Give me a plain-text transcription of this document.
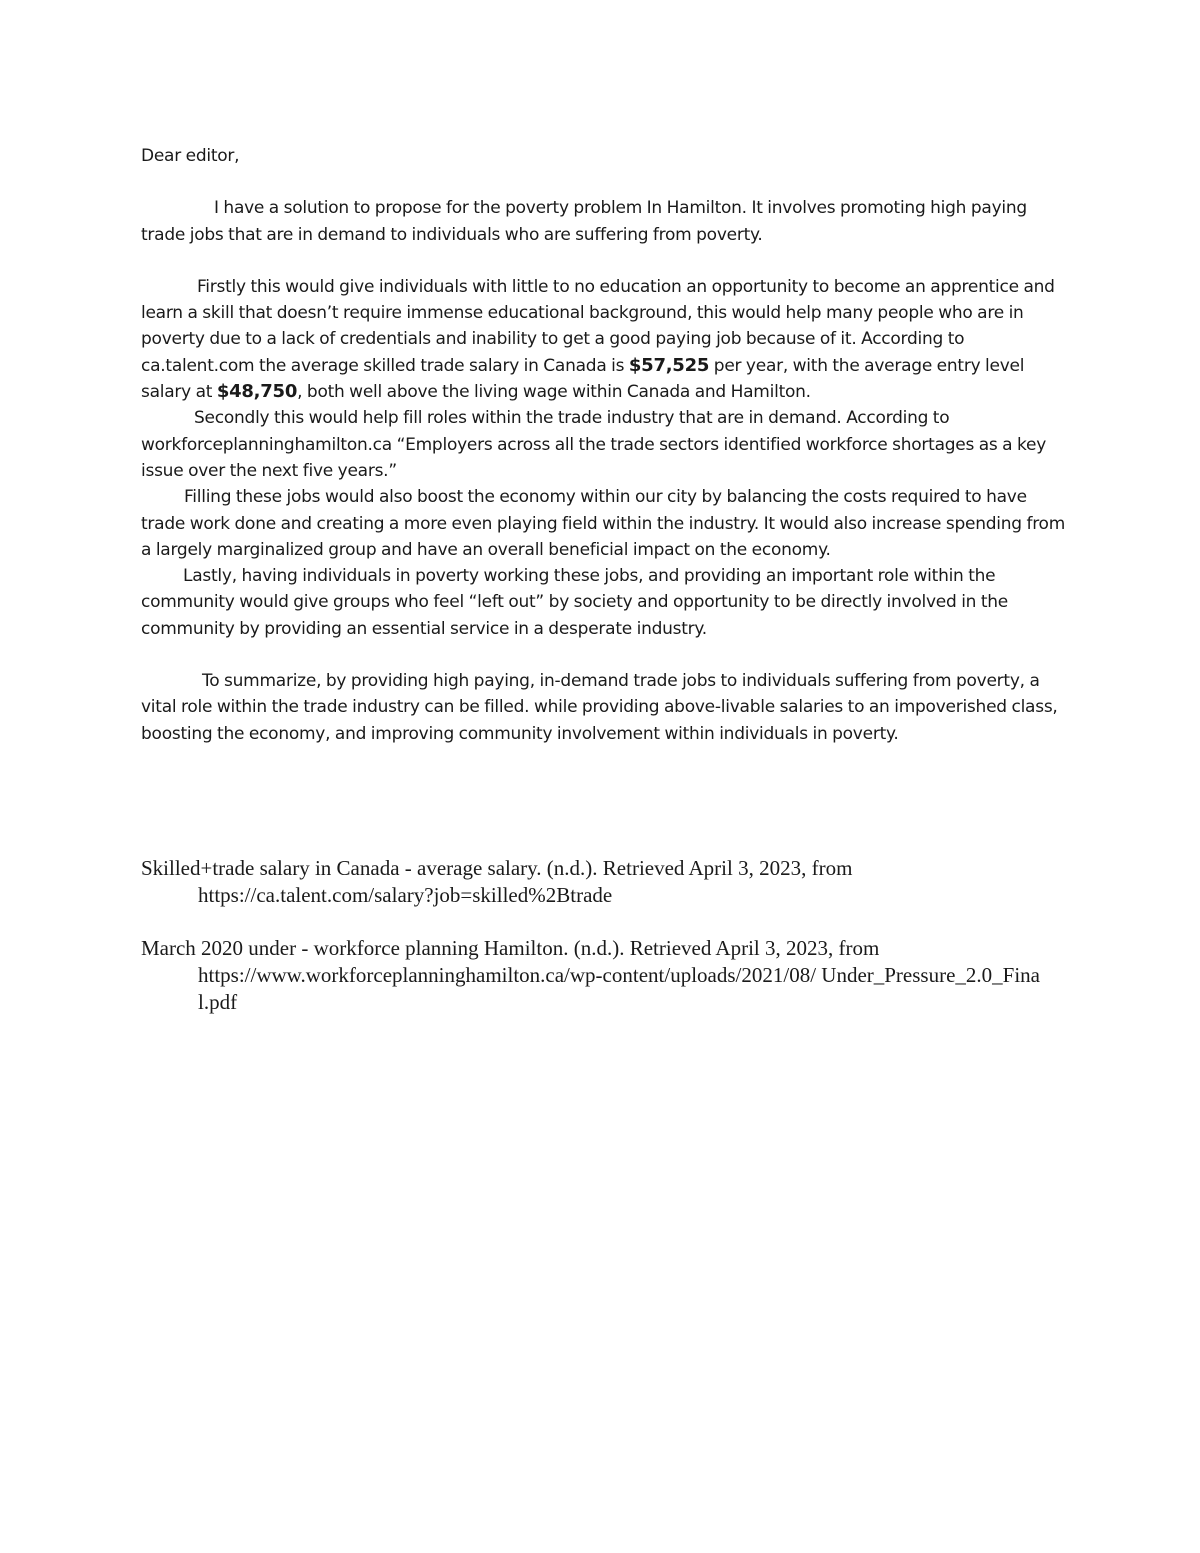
Dear editor,

I have a solution to propose for the poverty problem In Hamilton. It involves promoting high paying trade jobs that are in demand to individuals who are suffering from poverty.

Firstly this would give individuals with little to no education an opportunity to become an apprentice and learn a skill that doesn’t require immense educational background, this would help many people who are in poverty due to a lack of credentials and inability to get a good paying job because of it. According to ca.talent.com the average skilled trade salary in Canada is $57,525 per year, with the average entry level salary at $48,750, both well above the living wage within Canada and Hamilton.

Secondly this would help fill roles within the trade industry that are in demand. According to workforceplanninghamilton.ca “Employers across all the trade sectors identified workforce shortages as a key issue over the next five years.”

Filling these jobs would also boost the economy within our city by balancing the costs required to have trade work done and creating a more even playing field within the industry. It would also increase spending from a largely marginalized group and have an overall beneficial impact on the economy.

Lastly, having individuals in poverty working these jobs, and providing an important role within the community would give groups who feel “left out” by society and opportunity to be directly involved in the community by providing an essential service in a desperate industry.

To summarize, by providing high paying, in-demand trade jobs to individuals suffering from poverty, a vital role within the trade industry can be filled. while providing above-livable salaries to an impoverished class, boosting the economy, and improving community involvement within individuals in poverty.

Skilled+trade salary in Canada - average salary. (n.d.). Retrieved April 3, 2023, from
https://ca.talent.com/salary?job=skilled%2Btrade

March 2020 under - workforce planning Hamilton. (n.d.). Retrieved April 3, 2023, from
https://www.workforceplanninghamilton.ca/wp-content/uploads/2021/08/ Under_Pressure_2.0_Final.pdf
